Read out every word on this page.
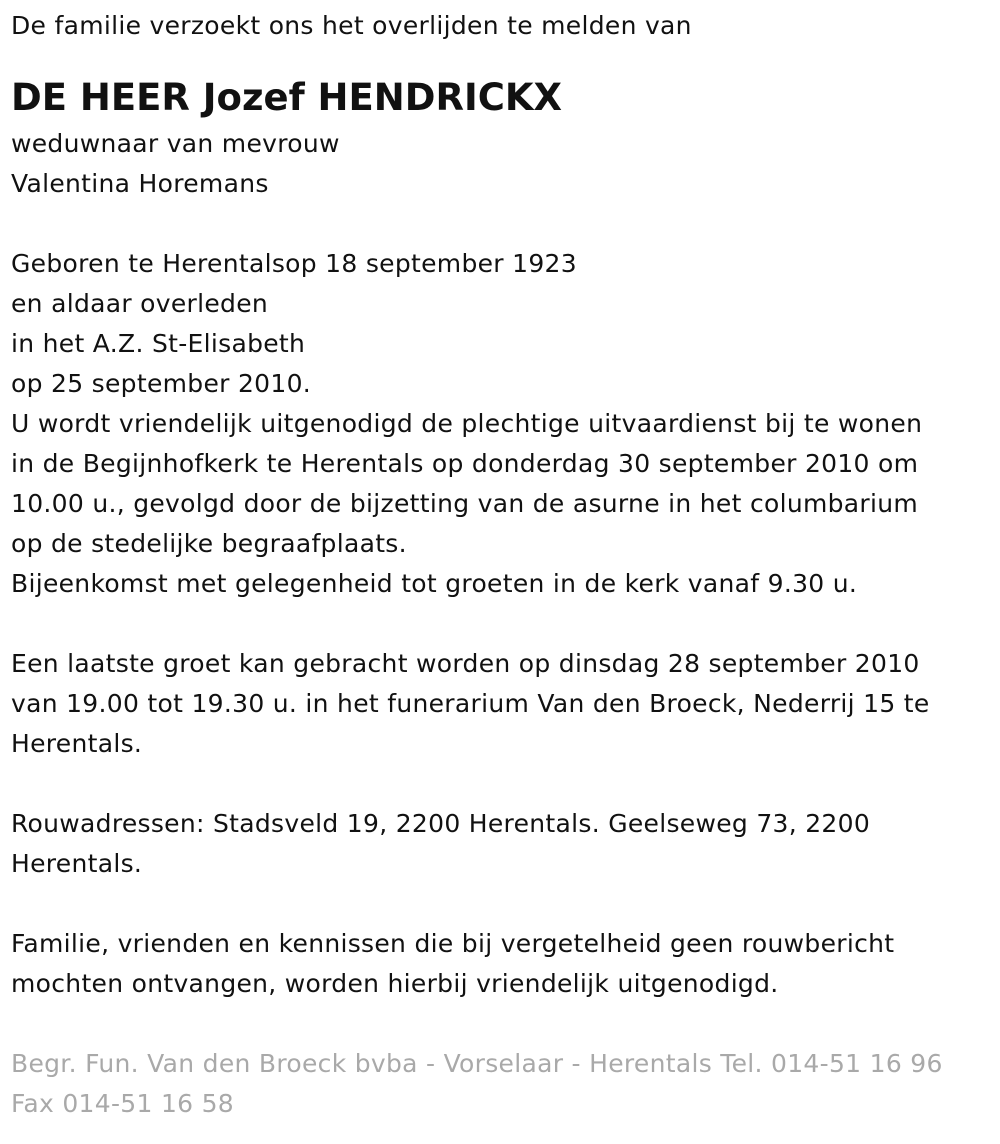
De familie verzoekt ons het overlijden te melden van
DE HEER Jozef HENDRICKX
weduwnaar van mevrouw
Valentina Horemans
Geboren te Herentalsop 18 september 1923
en aldaar overleden
in het A.Z. St-Elisabeth
op 25 september 2010.
U wordt vriendelijk uitgenodigd de plechtige uitvaardienst bij te wonen
in de Begijnhofkerk te Herentals op donderdag 30 september 2010 om
10.00 u., gevolgd door de bijzetting van de asurne in het columbarium
op de stedelijke begraafplaats.
Bijeenkomst met gelegenheid tot groeten in de kerk vanaf 9.30 u.
Een laatste groet kan gebracht worden op dinsdag 28 september 2010
van 19.00 tot 19.30 u. in het funerarium Van den Broeck, Nederrij 15 te
Herentals.
Rouwadressen: Stadsveld 19, 2200 Herentals. Geelseweg 73, 2200
Herentals.
Familie, vrienden en kennissen die bij vergetelheid geen rouwbericht
mochten ontvangen, worden hierbij vriendelijk uitgenodigd.
Begr. Fun. Van den Broeck bvba - Vorselaar - Herentals Tel. 014-51 16 96
Fax 014-51 16 58
